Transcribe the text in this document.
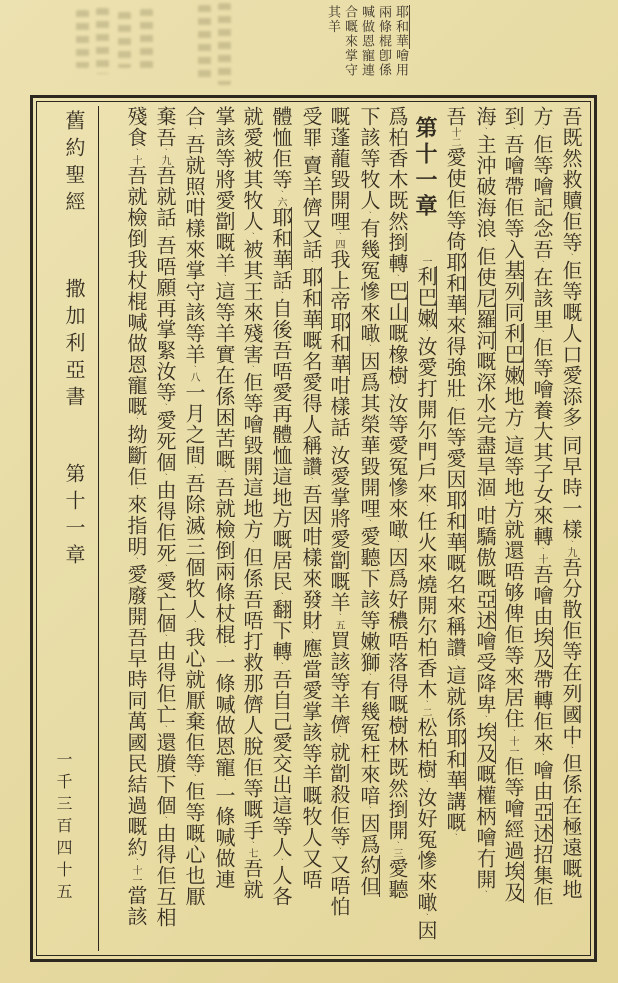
耶和華噲用
兩條棍卽係
喊做恩寵連
合嘅來掌守
其羊
吾既然救贖佢等、佢等嘅人口愛添多、同早時一樣、九吾分散佢等在列國中、但係在極遠嘅地
方、佢等噲記念吾、在該里、佢等噲養大其子女來轉、十吾噲由埃及帶轉佢來、噲由亞述招集佢
到、吾噲帶佢等入基列同利巴嫩地方、這等地方就還唔够俾佢等來居住、十一佢等噲經過埃及
海、主沖破海浪、佢使尼羅河嘅深水完盡旱涸、咁驕傲嘅亞述噲受降卑、埃及嘅權柄噲冇開、
吾十二愛使佢等倚耶和華來得強壯、佢等愛因耶和華嘅名來稱讚、這就係耶和華講嘅、
第十一章一利巴嫩、汝愛打開尔門戶來、任火來燒開尔柏香木、二松柏樹、汝好冤慘來噉、因
爲柏香木既然捯轉、巴山嘅橡樹、汝等愛冤慘來噉、因爲好穠唔落得嘅樹林既然捯開、三愛聽
下該等牧人、有幾冤慘來噉、因爲其榮華毀開哩、愛聽下該等嫩獅、有幾冤枉來喑、因爲約但
嘅蓬蘢毀開哩、四我上帝耶和華咁樣話、汝愛掌將愛劏嘅羊、五買該等羊儕、就劏殺佢等、又唔怕
受罪、賣羊儕又話、耶和華嘅名愛得人稱讚、吾因咁樣來發財、應當愛掌該等羊嘅牧人又唔
體恤佢等、六耶和華話、自後吾唔愛再體恤這地方嘅居民、翻下轉、吾自己愛交出這等人、人各
就愛被其牧人、被其王來殘害、佢等噲毀開這地方、但係吾唔打救那儕人脫佢等嘅手、七吾就
掌該等將愛劏嘅羊、這等羊實在係困苦嘅、吾就檢倒兩條杖棍、一條喊做恩寵、一條喊做連
合、吾就照咁樣來掌守該等羊、八一月之間、吾除滅三個牧人、我心就厭棄佢等、佢等嘅心也厭
棄吾、九吾就話、吾唔願再掌緊汝等、愛死個、由得佢死、愛亡個、由得佢亡、還賸下個、由得佢互相
殘食、十吾就檢倒我杖棍喊做恩寵嘅、拗斷佢、來指明、愛廢開吾早時同萬國民結過嘅約、十一當該
舊約聖經 撒加利亞書 第十一章
一千三百四十五
